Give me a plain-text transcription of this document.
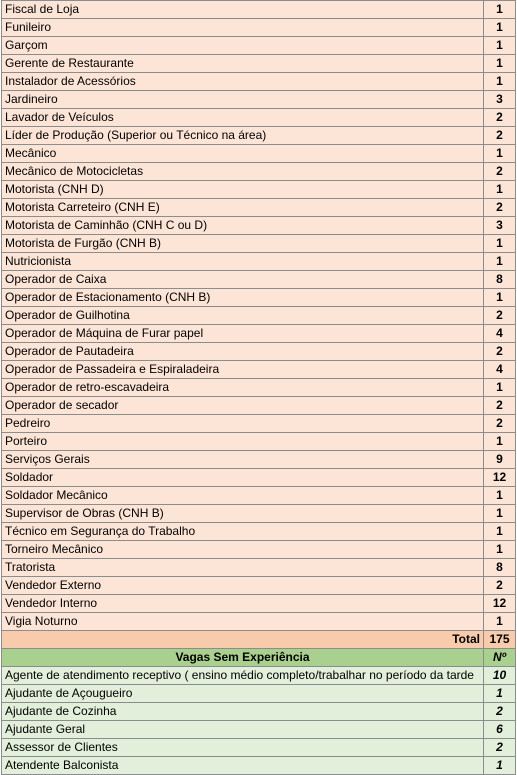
Fiscal de Loja	1
Funileiro	1
Garçom	1
Gerente de Restaurante	1
Instalador de Acessórios	1
Jardineiro	3
Lavador de Veículos	2
Líder de Produção (Superior ou Técnico na área)	2
Mecânico	1
Mecânico de Motocicletas	2
Motorista (CNH D)	1
Motorista Carreteiro (CNH E)	2
Motorista de Caminhão (CNH C ou D)	3
Motorista de Furgão (CNH B)	1
Nutricionista	1
Operador de Caixa	8
Operador de Estacionamento (CNH B)	1
Operador de Guilhotina	2
Operador de Máquina de Furar papel	4
Operador de Pautadeira	2
Operador de Passadeira e Espiraladeira	4
Operador de retro-escavadeira	1
Operador de secador	2
Pedreiro	2
Porteiro	1
Serviços Gerais	9
Soldador	12
Soldador Mecânico	1
Supervisor de Obras (CNH B)	1
Técnico em Segurança do Trabalho	1
Torneiro Mecânico	1
Tratorista	8
Vendedor Externo	2
Vendedor Interno	12
Vigia Noturno	1
Total	175
Vagas Sem Experiência	Nº
Agente de atendimento receptivo ( ensino médio completo/trabalhar no período da tarde	10
Ajudante de Açougueiro	1
Ajudante de Cozinha	2
Ajudante Geral	6
Assessor de Clientes	2
Atendente Balconista	1
